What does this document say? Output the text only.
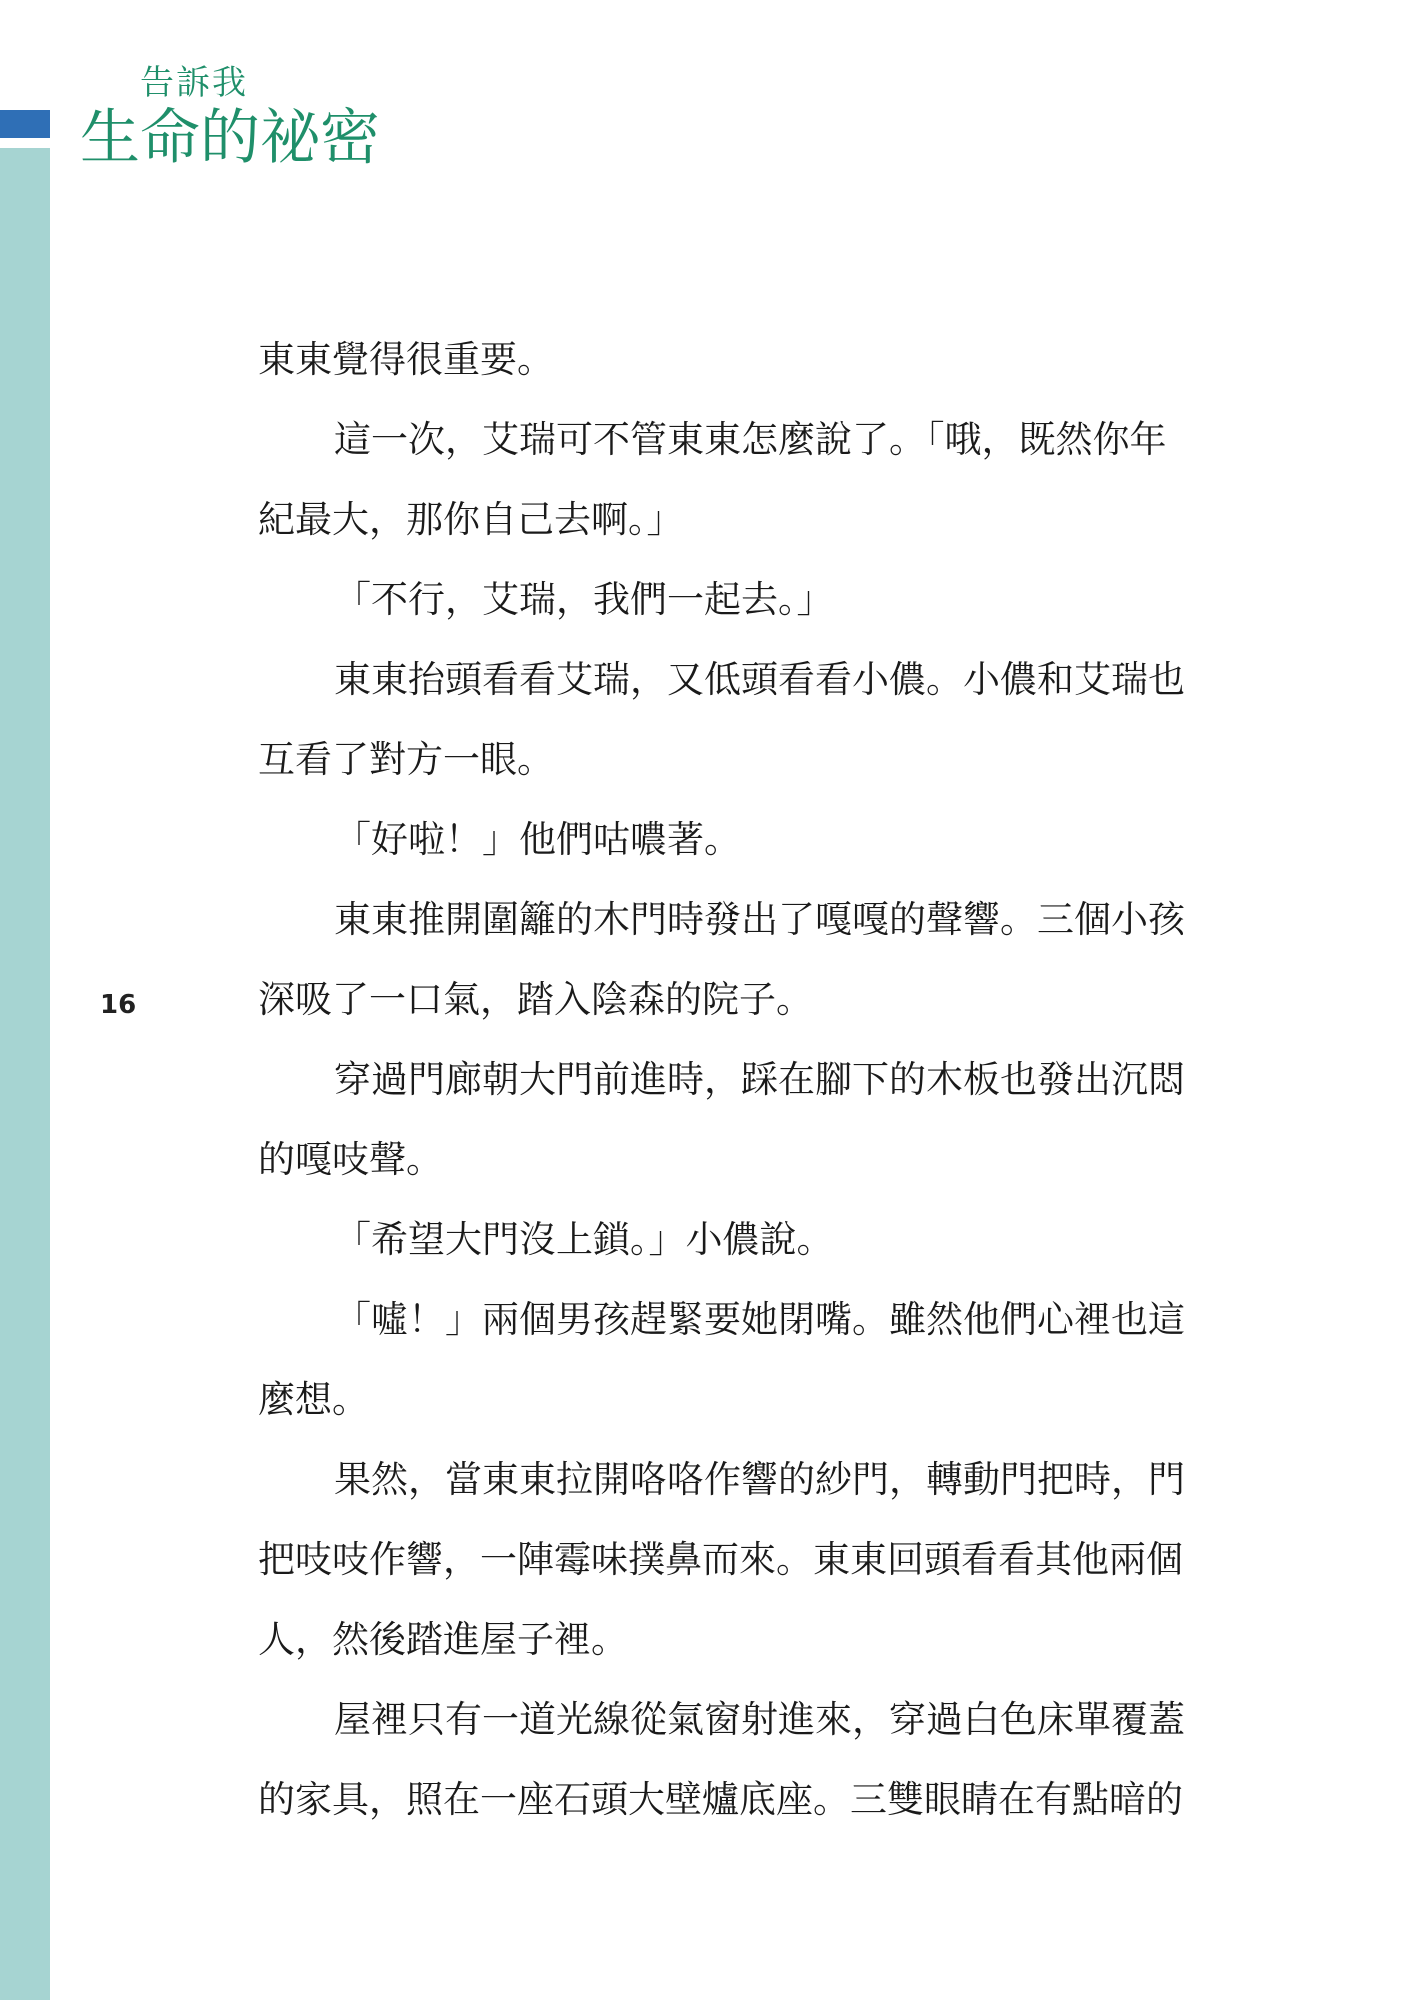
告訴我
生命的祕密
16
東東覺得很重要。
這一次，艾瑞可不管東東怎麼說了。「哦，既然你年
紀最大，那你自己去啊。」
「不行，艾瑞，我們一起去。」
東東抬頭看看艾瑞，又低頭看看小儂。小儂和艾瑞也
互看了對方一眼。
「好啦！」他們咕噥著。
東東推開圍籬的木門時發出了嘎嘎的聲響。三個小孩
深吸了一口氣，踏入陰森的院子。
穿過門廊朝大門前進時，踩在腳下的木板也發出沉悶
的嘎吱聲。
「希望大門沒上鎖。」小儂說。
「噓！」兩個男孩趕緊要她閉嘴。雖然他們心裡也這
麼想。
果然，當東東拉開咯咯作響的紗門，轉動門把時，門
把吱吱作響，一陣霉味撲鼻而來。東東回頭看看其他兩個
人，然後踏進屋子裡。
屋裡只有一道光線從氣窗射進來，穿過白色床單覆蓋
的家具，照在一座石頭大壁爐底座。三雙眼睛在有點暗的
